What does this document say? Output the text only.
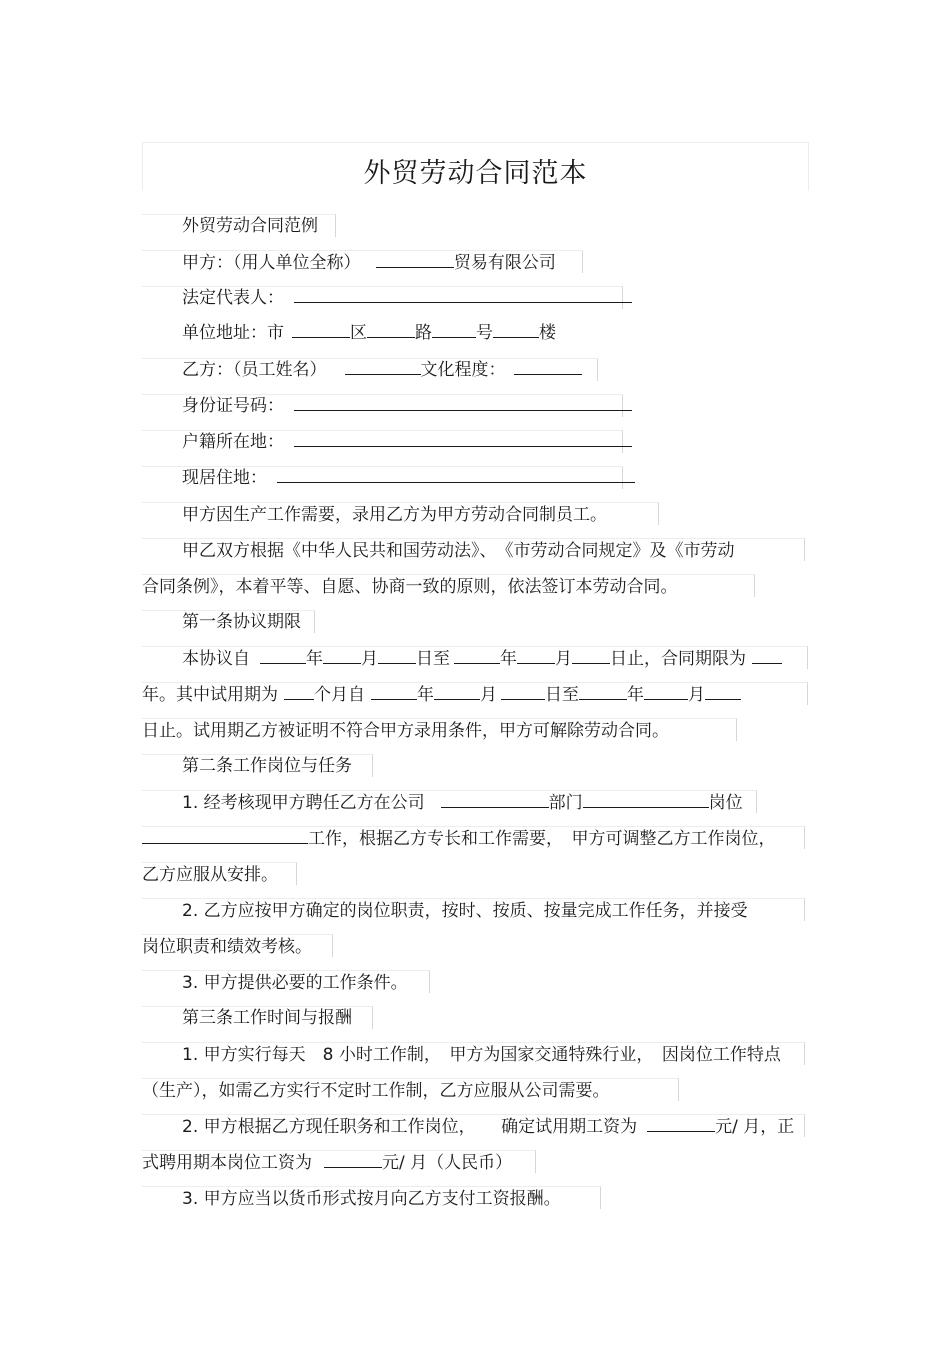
外贸劳动合同范本
外贸劳动合同范例
甲方：（用人单位全称）	贸易有限公司
法定代表人：
单位地址：市	区	路	号	楼
乙方：（员工姓名）	文化程度：
身份证号码：
户籍所在地：
现居住地：
甲方因生产工作需要，录用乙方为甲方劳动合同制员工。
甲乙双方根据《中华人民共和国劳动法》、　《市劳动合同规定》及《市劳动
合同条例》，本着平等、自愿、协商一致的原则，依法签订本劳动合同。
第一条协议期限
本协议自	年 月 日至	年 月 日止，合同期限为
年。其中试用期为 个月自	年	月	日至	年	月
日止。试用期乙方被证明不符合甲方录用条件，甲方可解除劳动合同。
第二条工作岗位与任务
1. 经考核现甲方聘任乙方在公司	部门	岗位
工作，根据乙方专长和工作需要，　甲方可调整乙方工作岗位，
乙方应服从安排。
2. 乙方应按甲方确定的岗位职责，按时、按质、按量完成工作任务，并接受
岗位职责和绩效考核。
3. 甲方提供必要的工作条件。
第三条工作时间与报酬
1. 甲方实行每天　8 小时工作制，　甲方为国家交通特殊行业，　因岗位工作特点
（生产），如需乙方实行不定时工作制，乙方应服从公司需要。
2. 甲方根据乙方现任职务和工作岗位，　　确定试用期工资为	元/ 月，正
式聘用期本岗位工资为	元/ 月（人民币）
3. 甲方应当以货币形式按月向乙方支付工资报酬。
